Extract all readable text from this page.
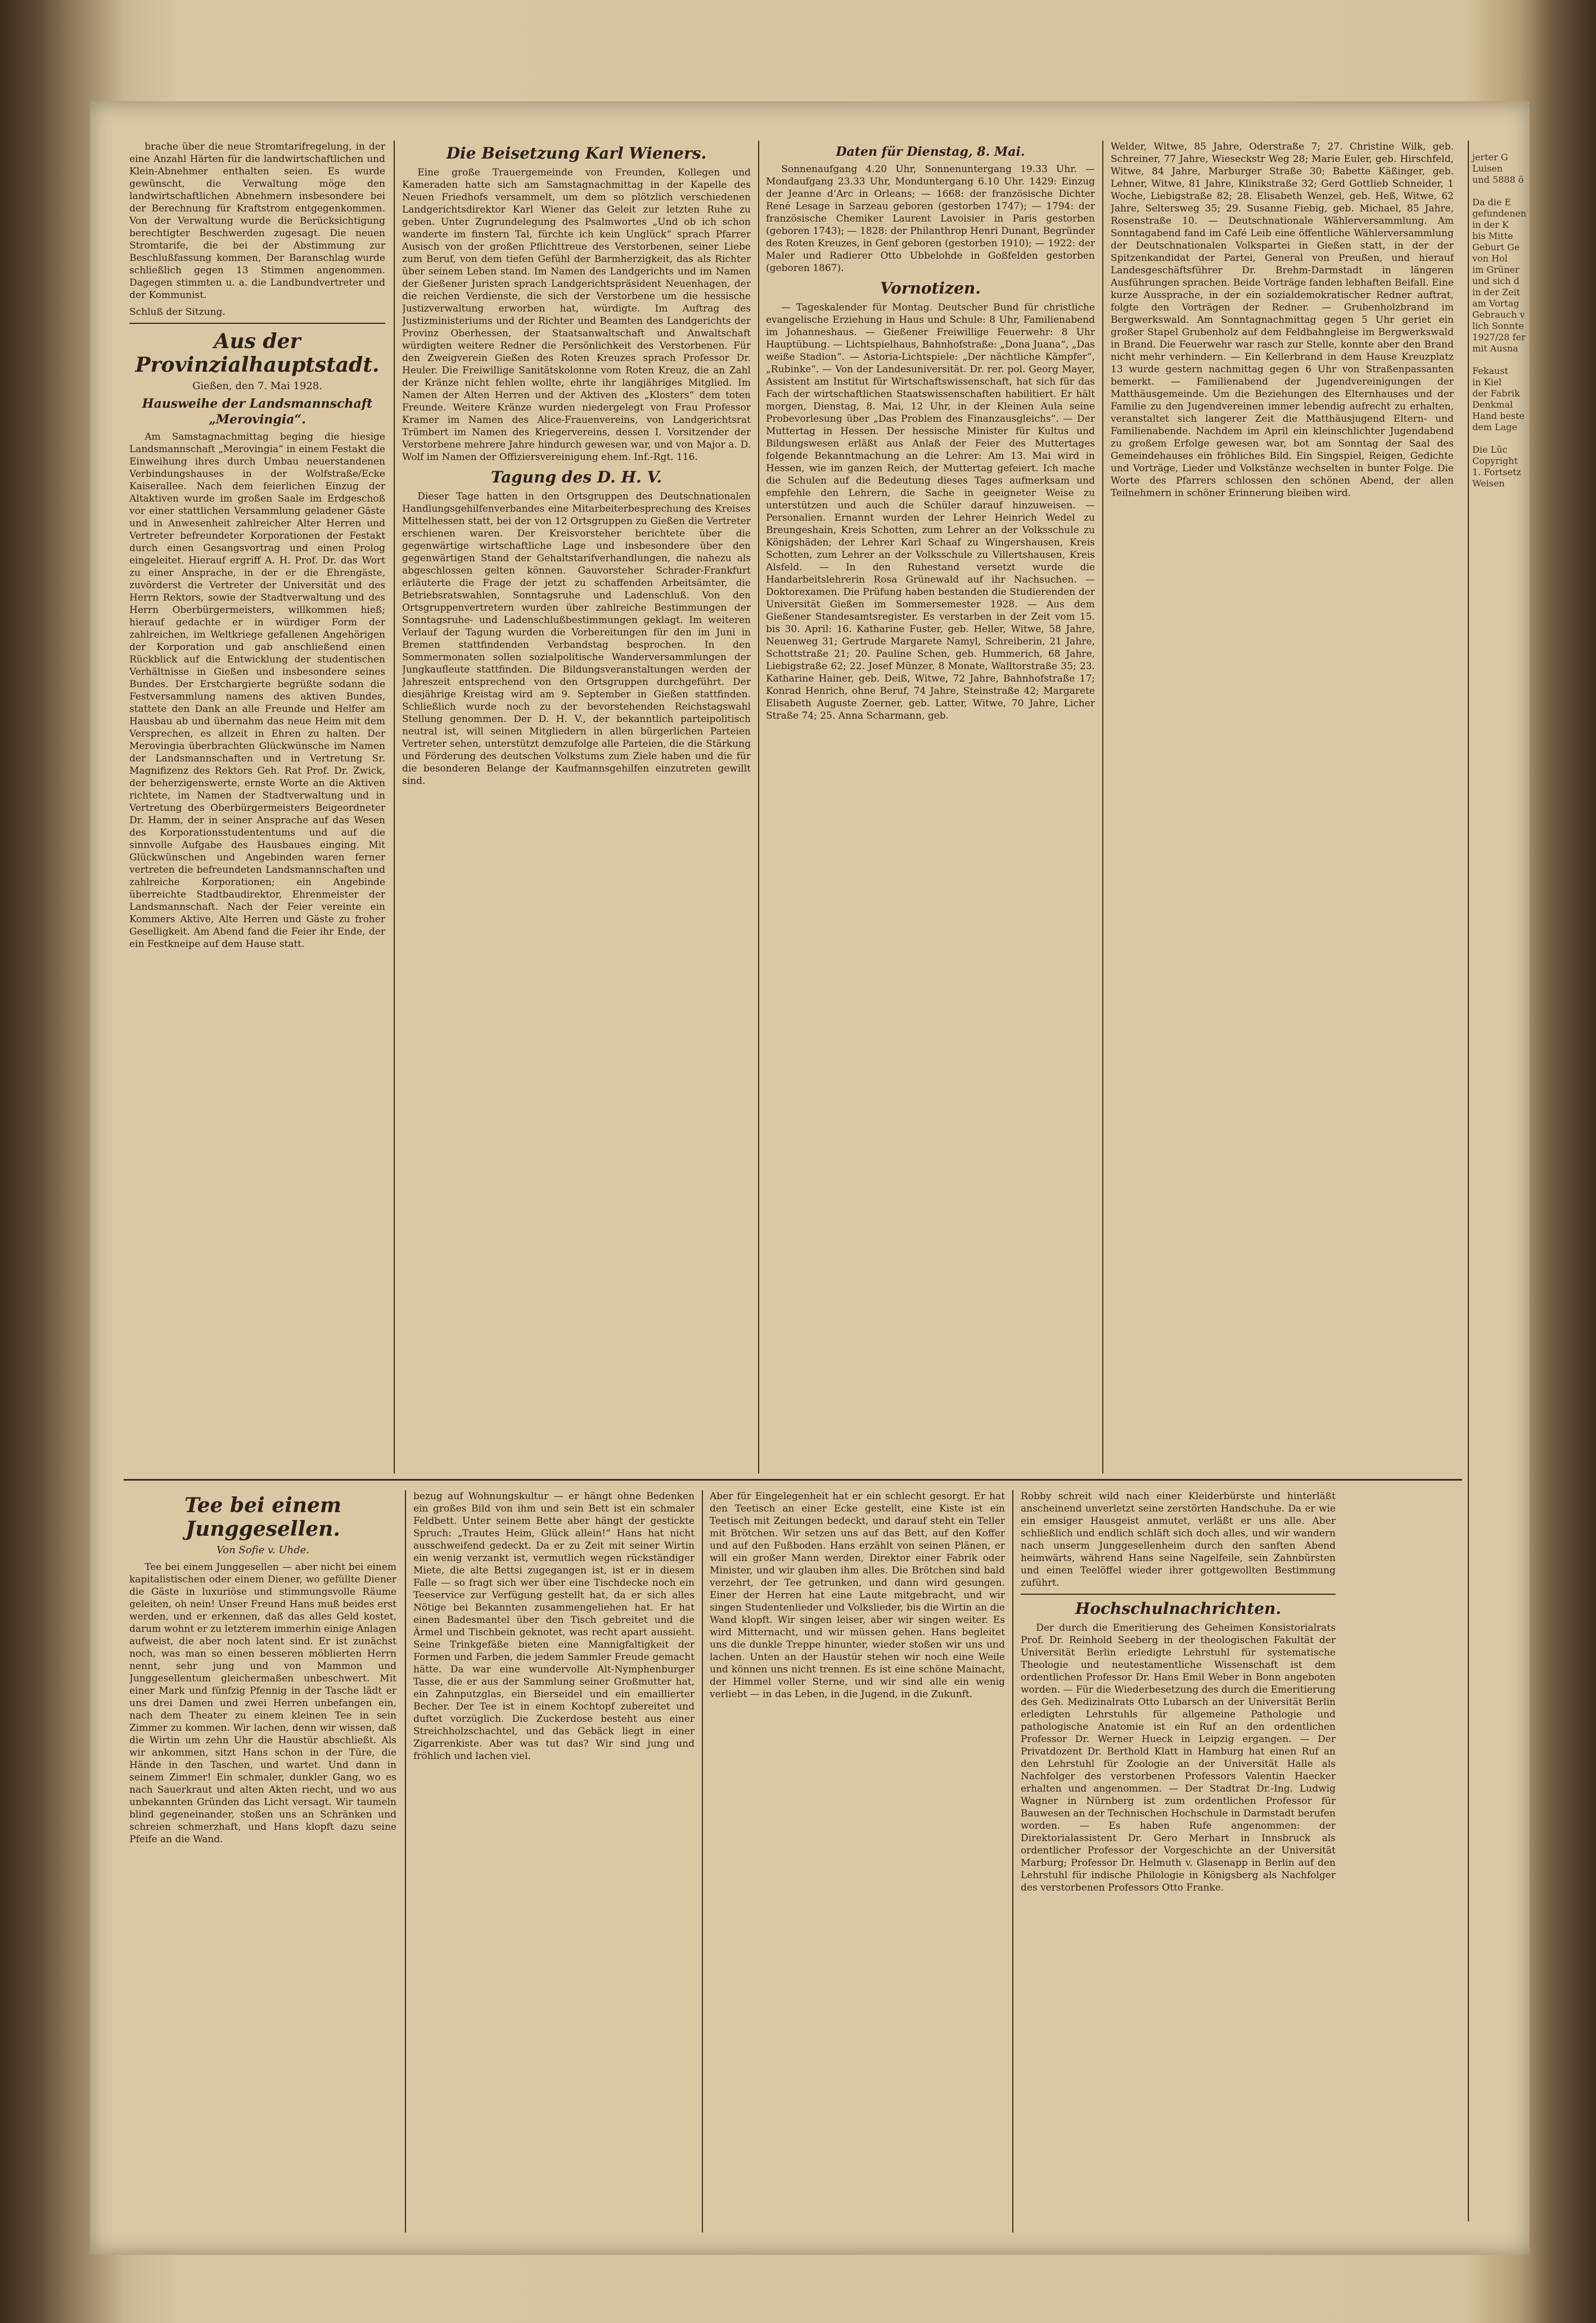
brache über die neue Stromtarifregelung, in der eine Anzahl Härten für die landwirtschaftlichen und Klein-Abnehmer enthalten seien. Es wurde gewünscht, die Verwaltung möge den landwirtschaftlichen Abnehmern insbesondere bei der Berechnung für Kraftstrom entgegenkommen. Von der Verwaltung wurde die Berücksichtigung berechtigter Beschwerden zugesagt. Die neuen Stromtarife, die bei der Abstimmung zur Beschlußfassung kommen, Der Baranschlag wurde schließlich gegen 13 Stimmen angenommen. Dagegen stimmten u. a. die Landbundvertreter und der Kommunist.

Schluß der Sitzung.

Aus der Provinzialhauptstadt.
Gießen, den 7. Mai 1928.
Hausweihe der Landsmannschaft „Merovingia“.

Am Samstagnachmittag beging die hiesige Landsmannschaft „Merovingia“ in einem Festakt die Einweihung ihres durch Umbau neuerstandenen Verbindungshauses in der Wolfstraße/Ecke Kaiserallee. Nach dem feierlichen Einzug der Altaktiven wurde im großen Saale im Erdgeschoß vor einer stattlichen Versammlung geladener Gäste und in Anwesenheit zahlreicher Alter Herren und Vertreter befreundeter Korporationen der Festakt durch einen Gesangsvortrag und einen Prolog eingeleitet. Hierauf ergriff A. H. Prof. Dr. das Wort zu einer Ansprache, in der er die Ehrengäste, zuvörderst die Vertreter der Universität und des Herrn Rektors, sowie der Stadtverwaltung und des Herrn Oberbürgermeisters, willkommen hieß; hierauf gedachte er in würdiger Form der zahlreichen, im Weltkriege gefallenen Angehörigen der Korporation und gab anschließend einen Rückblick auf die Entwicklung der studentischen Verhältnisse in Gießen und insbesondere seines Bundes. Der Erstchargierte begrüßte sodann die Festversammlung namens des aktiven Bundes, stattete den Dank an alle Freunde und Helfer am Hausbau ab und übernahm das neue Heim mit dem Versprechen, es allzeit in Ehren zu halten. Der Merovingia überbrachten Glückwünsche im Namen der Landsmannschaften und in Vertretung Sr. Magnifizenz des Rektors Geh. Rat Prof. Dr. Zwick, der beherzigenswerte, ernste Worte an die Aktiven richtete, im Namen der Stadtverwaltung und in Vertretung des Oberbürgermeisters Beigeordneter Dr. Hamm, der in seiner Ansprache auf das Wesen des Korporationsstudententums und auf die sinnvolle Aufgabe des Hausbaues einging. Mit Glückwünschen und Angebinden waren ferner vertreten die befreundeten Landsmannschaften und zahlreiche Korporationen; ein Angebinde überreichte Stadtbaudirektor, Ehrenmeister der Landsmannschaft. Nach der Feier vereinte ein Kommers Aktive, Alte Herren und Gäste zu froher Geselligkeit. Am Abend fand die Feier ihr Ende, der ein Festkneipe auf dem Hause statt.

Die Beisetzung Karl Wieners.

Eine große Trauergemeinde von Freunden, Kollegen und Kameraden hatte sich am Samstagnachmittag in der Kapelle des Neuen Friedhofs versammelt, um dem so plötzlich verschiedenen Landgerichtsdirektor Karl Wiener das Geleit zur letzten Ruhe zu geben. Unter Zugrundelegung des Psalmwortes „Und ob ich schon wanderte im finstern Tal, fürchte ich kein Unglück“ sprach Pfarrer Ausisch von der großen Pflichttreue des Verstorbenen, seiner Liebe zum Beruf, von dem tiefen Gefühl der Barmherzigkeit, das als Richter über seinem Leben stand. Im Namen des Landgerichts und im Namen der Gießener Juristen sprach Landgerichtspräsident Neuenhagen, der die reichen Verdienste, die sich der Verstorbene um die hessische Justizverwaltung erworben hat, würdigte. Im Auftrag des Justizministeriums und der Richter und Beamten des Landgerichts der Provinz Oberhessen, der Staatsanwaltschaft und Anwaltschaft würdigten weitere Redner die Persönlichkeit des Verstorbenen. Für den Zweigverein Gießen des Roten Kreuzes sprach Professor Dr. Heuler. Die Freiwillige Sanitätskolonne vom Roten Kreuz, die an Zahl der Kränze nicht fehlen wollte, ehrte ihr langjähriges Mitglied. Im Namen der Alten Herren und der Aktiven des „Klosters“ dem toten Freunde. Weitere Kränze wurden niedergelegt von Frau Professor Kramer im Namen des Alice-Frauenvereins, von Landgerichtsrat Trümbert im Namen des Kriegervereins, dessen I. Vorsitzender der Verstorbene mehrere Jahre hindurch gewesen war, und von Major a. D. Wolf im Namen der Offiziersvereinigung ehem. Inf.-Rgt. 116.

Tagung des D. H. V.

Dieser Tage hatten in den Ortsgruppen des Deutschnationalen Handlungsgehilfenverbandes eine Mitarbeiterbesprechung des Kreises Mittelhessen statt, bei der von 12 Ortsgruppen zu Gießen die Vertreter erschienen waren. Der Kreisvorsteher berichtete über die gegenwärtige wirtschaftliche Lage und insbesondere über den gegenwärtigen Stand der Gehaltstarifverhandlungen, die nahezu als abgeschlossen gelten können. Gauvorsteher Schrader-Frankfurt erläuterte die Frage der jetzt zu schaffenden Arbeitsämter, die Betriebsratswahlen, Sonntagsruhe und Ladenschluß. Von den Ortsgruppenvertretern wurden über zahlreiche Bestimmungen der Sonntagsruhe- und Ladenschlußbestimmungen geklagt. Im weiteren Verlauf der Tagung wurden die Vorbereitungen für den im Juni in Bremen stattfindenden Verbandstag besprochen. In den Sommermonaten sollen sozialpolitische Wanderversammlungen der Jungkaufleute stattfinden. Die Bildungsveranstaltungen werden der Jahreszeit entsprechend von den Ortsgruppen durchgeführt. Der diesjährige Kreistag wird am 9. September in Gießen stattfinden. Schließlich wurde noch zu der bevorstehenden Reichstagswahl Stellung genommen. Der D. H. V., der bekanntlich parteipolitisch neutral ist, will seinen Mitgliedern in allen bürgerlichen Parteien Vertreter sehen, unterstützt demzufolge alle Parteien, die die Stärkung und Förderung des deutschen Volkstums zum Ziele haben und die für die besonderen Belange der Kaufmannsgehilfen einzutreten gewillt sind.

Daten für Dienstag, 8. Mai.

Sonnenaufgang 4.20 Uhr, Sonnenuntergang 19.33 Uhr. — Mondaufgang 23.33 Uhr, Monduntergang 6.10 Uhr. 1429: Einzug der Jeanne d’Arc in Orleans; — 1668: der französische Dichter René Lesage in Sarzeau geboren (gestorben 1747); — 1794: der französische Chemiker Laurent Lavoisier in Paris gestorben (geboren 1743); — 1828: der Philanthrop Henri Dunant, Begründer des Roten Kreuzes, in Genf geboren (gestorben 1910); — 1922: der Maler und Radierer Otto Ubbelohde in Goßfelden gestorben (geboren 1867).

Vornotizen.

— Tageskalender für Montag. Deutscher Bund für christliche evangelische Erziehung in Haus und Schule: 8 Uhr, Familienabend im Johanneshaus. — Gießener Freiwillige Feuerwehr: 8 Uhr Hauptübung. — Lichtspielhaus, Bahnhofstraße: „Dona Juana“, „Das weiße Stadion“. — Astoria-Lichtspiele: „Der nächtliche Kämpfer“, „Rubinke“. — Von der Landesuniversität. Dr. rer. pol. Georg Mayer, Assistent am Institut für Wirtschaftswissenschaft, hat sich für das Fach der wirtschaftlichen Staatswissenschaften habilitiert. Er hält morgen, Dienstag, 8. Mai, 12 Uhr, in der Kleinen Aula seine Probevorlesung über „Das Problem des Finanzausgleichs“. — Der Muttertag in Hessen. Der hessische Minister für Kultus und Bildungswesen erläßt aus Anlaß der Feier des Muttertages folgende Bekanntmachung an die Lehrer: Am 13. Mai wird in Hessen, wie im ganzen Reich, der Muttertag gefeiert. Ich mache die Schulen auf die Bedeutung dieses Tages aufmerksam und empfehle den Lehrern, die Sache in geeigneter Weise zu unterstützen und auch die Schüler darauf hinzuweisen. — Personalien. Ernannt wurden der Lehrer Heinrich Wedel zu Breungeshain, Kreis Schotten, zum Lehrer an der Volksschule zu Königshäden; der Lehrer Karl Schaaf zu Wingershausen, Kreis Schotten, zum Lehrer an der Volksschule zu Villertshausen, Kreis Alsfeld. — In den Ruhestand versetzt wurde die Handarbeitslehrerin Rosa Grünewald auf ihr Nachsuchen. — Doktorexamen. Die Prüfung haben bestanden die Studierenden der Universität Gießen im Sommersemester 1928. — Aus dem Gießener Standesamtsregister. Es verstarben in der Zeit vom 15. bis 30. April: 16. Katharine Fuster, geb. Heller, Witwe, 58 Jahre, Neuenweg 31; Gertrude Margarete Namyl, Schreiberin, 21 Jahre, Schottstraße 21; 20. Pauline Schen, geb. Hummerich, 68 Jahre, Liebigstraße 62; 22. Josef Münzer, 8 Monate, Walltorstraße 35; 23. Katharine Hainer, geb. Deiß, Witwe, 72 Jahre, Bahnhofstraße 17; Konrad Henrich, ohne Beruf, 74 Jahre, Steinstraße 42; Margarete Elisabeth Auguste Zoerner, geb. Latter, Witwe, 70 Jahre, Licher Straße 74; 25. Anna Scharmann, geb.

Welder, Witwe, 85 Jahre, Oderstraße 7; 27. Christine Wilk, geb. Schreiner, 77 Jahre, Wieseckstr Weg 28; Marie Euler, geb. Hirschfeld, Witwe, 84 Jahre, Marburger Straße 30; Babette Käßinger, geb. Lehner, Witwe, 81 Jahre, Klinikstraße 32; Gerd Gottlieb Schneider, 1 Woche, Liebigstraße 82; 28. Elisabeth Wenzel, geb. Heß, Witwe, 62 Jahre, Seltersweg 35; 29. Susanne Fiebig, geb. Michael, 85 Jahre, Rosenstraße 10. — Deutschnationale Wählerversammlung. Am Sonntagabend fand im Café Leib eine öffentliche Wählerversammlung der Deutschnationalen Volkspartei in Gießen statt, in der der Spitzenkandidat der Partei, General von Preußen, und hierauf Landesgeschäftsführer Dr. Brehm-Darmstadt in längeren Ausführungen sprachen. Beide Vorträge fanden lebhaften Beifall. Eine kurze Aussprache, in der ein sozialdemokratischer Redner auftrat, folgte den Vorträgen der Redner. — Grubenholzbrand im Bergwerkswald. Am Sonntagnachmittag gegen 5 Uhr geriet ein großer Stapel Grubenholz auf dem Feldbahngleise im Bergwerkswald in Brand. Die Feuerwehr war rasch zur Stelle, konnte aber den Brand nicht mehr verhindern. — Ein Kellerbrand in dem Hause Kreuzplatz 13 wurde gestern nachmittag gegen 6 Uhr von Straßenpassanten bemerkt. — Familienabend der Jugendvereinigungen der Matthäusgemeinde. Um die Beziehungen des Elternhauses und der Familie zu den Jugendvereinen immer lebendig aufrecht zu erhalten, veranstaltet sich langerer Zeit die Matthäusjugend Eltern- und Familienabende. Nachdem im April ein kleinschlichter Jugendabend zu großem Erfolge gewesen war, bot am Sonntag der Saal des Gemeindehauses ein fröhliches Bild. Ein Singspiel, Reigen, Gedichte und Vorträge, Lieder und Volkstänze wechselten in bunter Folge. Die Worte des Pfarrers schlossen den schönen Abend, der allen Teilnehmern in schöner Erinnerung bleiben wird.

Tee bei einem Junggesellen.
Von Sofie v. Uhde.

Tee bei einem Junggesellen — aber nicht bei einem kapitalistischen oder einem Diener, wo gefüllte Diener die Gäste in luxuriöse und stimmungsvolle Räume geleiten, oh nein! Unser Freund Hans muß beides erst werden, und er erkennen, daß das alles Geld kostet, darum wohnt er zu letzterem immerhin einige Anlagen aufweist, die aber noch latent sind. Er ist zunächst noch, was man so einen besseren möblierten Herrn nennt, sehr jung und von Mammon und Junggesellentum gleichermaßen unbeschwert. Mit einer Mark und fünfzig Pfennig in der Tasche lädt er uns drei Damen und zwei Herren unbefangen ein, nach dem Theater zu einem kleinen Tee in sein Zimmer zu kommen. Wir lachen, denn wir wissen, daß die Wirtin um zehn Uhr die Haustür abschließt. Als wir ankommen, sitzt Hans schon in der Türe, die Hände in den Taschen, und wartet. Und dann in seinem Zimmer! Ein schmaler, dunkler Gang, wo es nach Sauerkraut und alten Akten riecht, und wo aus unbekannten Gründen das Licht versagt. Wir taumeln blind gegeneinander, stoßen uns an Schränken und schreien schmerzhaft, und Hans klopft dazu seine Pfeife an die Wand.

bezug auf Wohnungskultur — er hängt ohne Bedenken ein großes Bild von ihm und sein Bett ist ein schmaler Feldbett. Unter seinem Bette aber hängt der gestickte Spruch: „Trautes Heim, Glück allein!“ Hans hat nicht ausschweifend gedeckt. Da er zu Zeit mit seiner Wirtin ein wenig verzankt ist, vermutlich wegen rückständiger Miete, die alte Bettsi zugegangen ist, ist er in diesem Falle — so fragt sich wer über eine Tischdecke noch ein Teeservice zur Verfügung gestellt hat, da er sich alles Nötige bei Bekannten zusammengeliehen hat. Er hat einen Badesmantel über den Tisch gebreitet und die Ärmel und Tischbein geknotet, was recht apart aussieht. Seine Trinkgefäße bieten eine Mannigfaltigkeit der Formen und Farben, die jedem Sammler Freude gemacht hätte. Da war eine wundervolle Alt-Nymphenburger Tasse, die er aus der Sammlung seiner Großmutter hat, ein Zahnputzglas, ein Bierseidel und ein emaillierter Becher. Der Tee ist in einem Kochtopf zubereitet und duftet vorzüglich. Die Zuckerdose besteht aus einer Streichholzschachtel, und das Gebäck liegt in einer Zigarrenkiste. Aber was tut das? Wir sind jung und fröhlich und lachen viel.

Aber für Eingelegenheit hat er ein schlecht gesorgt. Er hat den Teetisch an einer Ecke gestellt, eine Kiste ist ein Teetisch mit Zeitungen bedeckt, und darauf steht ein Teller mit Brötchen. Wir setzen uns auf das Bett, auf den Koffer und auf den Fußboden. Hans erzählt von seinen Plänen, er will ein großer Mann werden, Direktor einer Fabrik oder Minister, und wir glauben ihm alles. Die Brötchen sind bald verzehrt, der Tee getrunken, und dann wird gesungen. Einer der Herren hat eine Laute mitgebracht, und wir singen Studentenlieder und Volkslieder, bis die Wirtin an die Wand klopft. Wir singen leiser, aber wir singen weiter. Es wird Mitternacht, und wir müssen gehen. Hans begleitet uns die dunkle Treppe hinunter, wieder stoßen wir uns und lachen. Unten an der Haustür stehen wir noch eine Weile und können uns nicht trennen. Es ist eine schöne Mainacht, der Himmel voller Sterne, und wir sind alle ein wenig verliebt — in das Leben, in die Jugend, in die Zukunft.

Robby schreit wild nach einer Kleiderbürste und hinterläßt anscheinend unverletzt seine zerstörten Handschuhe. Da er wie ein emsiger Hausgeist anmutet, verläßt er uns alle. Aber schließlich und endlich schläft sich doch alles, und wir wandern nach unserm Junggesellenheim durch den sanften Abend heimwärts, während Hans seine Nagelfeile, sein Zahnbürsten und einen Teelöffel wieder ihrer gottgewollten Bestimmung zuführt.

Hochschulnachrichten.

Der durch die Emeritierung des Geheimen Konsistorialrats Prof. Dr. Reinhold Seeberg in der theologischen Fakultät der Universität Berlin erledigte Lehrstuhl für systematische Theologie und neutestamentliche Wissenschaft ist dem ordentlichen Professor Dr. Hans Emil Weber in Bonn angeboten worden. — Für die Wiederbesetzung des durch die Emeritierung des Geh. Medizinalrats Otto Lubarsch an der Universität Berlin erledigten Lehrstuhls für allgemeine Pathologie und pathologische Anatomie ist ein Ruf an den ordentlichen Professor Dr. Werner Hueck in Leipzig ergangen. — Der Privatdozent Dr. Berthold Klatt in Hamburg hat einen Ruf an den Lehrstuhl für Zoologie an der Universität Halle als Nachfolger des verstorbenen Professors Valentin Haecker erhalten und angenommen. — Der Stadtrat Dr.-Ing. Ludwig Wagner in Nürnberg ist zum ordentlichen Professor für Bauwesen an der Technischen Hochschule in Darmstadt berufen worden. — Es haben Rufe angenommen: der Direktorialassistent Dr. Gero Merhart in Innsbruck als ordentlicher Professor der Vorgeschichte an der Universität Marburg; Professor Dr. Helmuth v. Glasenapp in Berlin auf den Lehrstuhl für indische Philologie in Königsberg als Nachfolger des verstorbenen Professors Otto Franke.

jerter G
Luisen
und 5888 ö

Da die E
gefundenen
in der K
bis Mitte
Geburt Ge
von Hol
im Grüner
und sich d
in der Zeit
am Vortag
Gebrauch v
lich Sonnte
1927/28 fer
mit Ausna

Fekaust
in Kiel
der Fabrik
Denkmal
Hand beste
dem Lage

Die Lüc
Copyright
1. Fortsetz
Weisen
